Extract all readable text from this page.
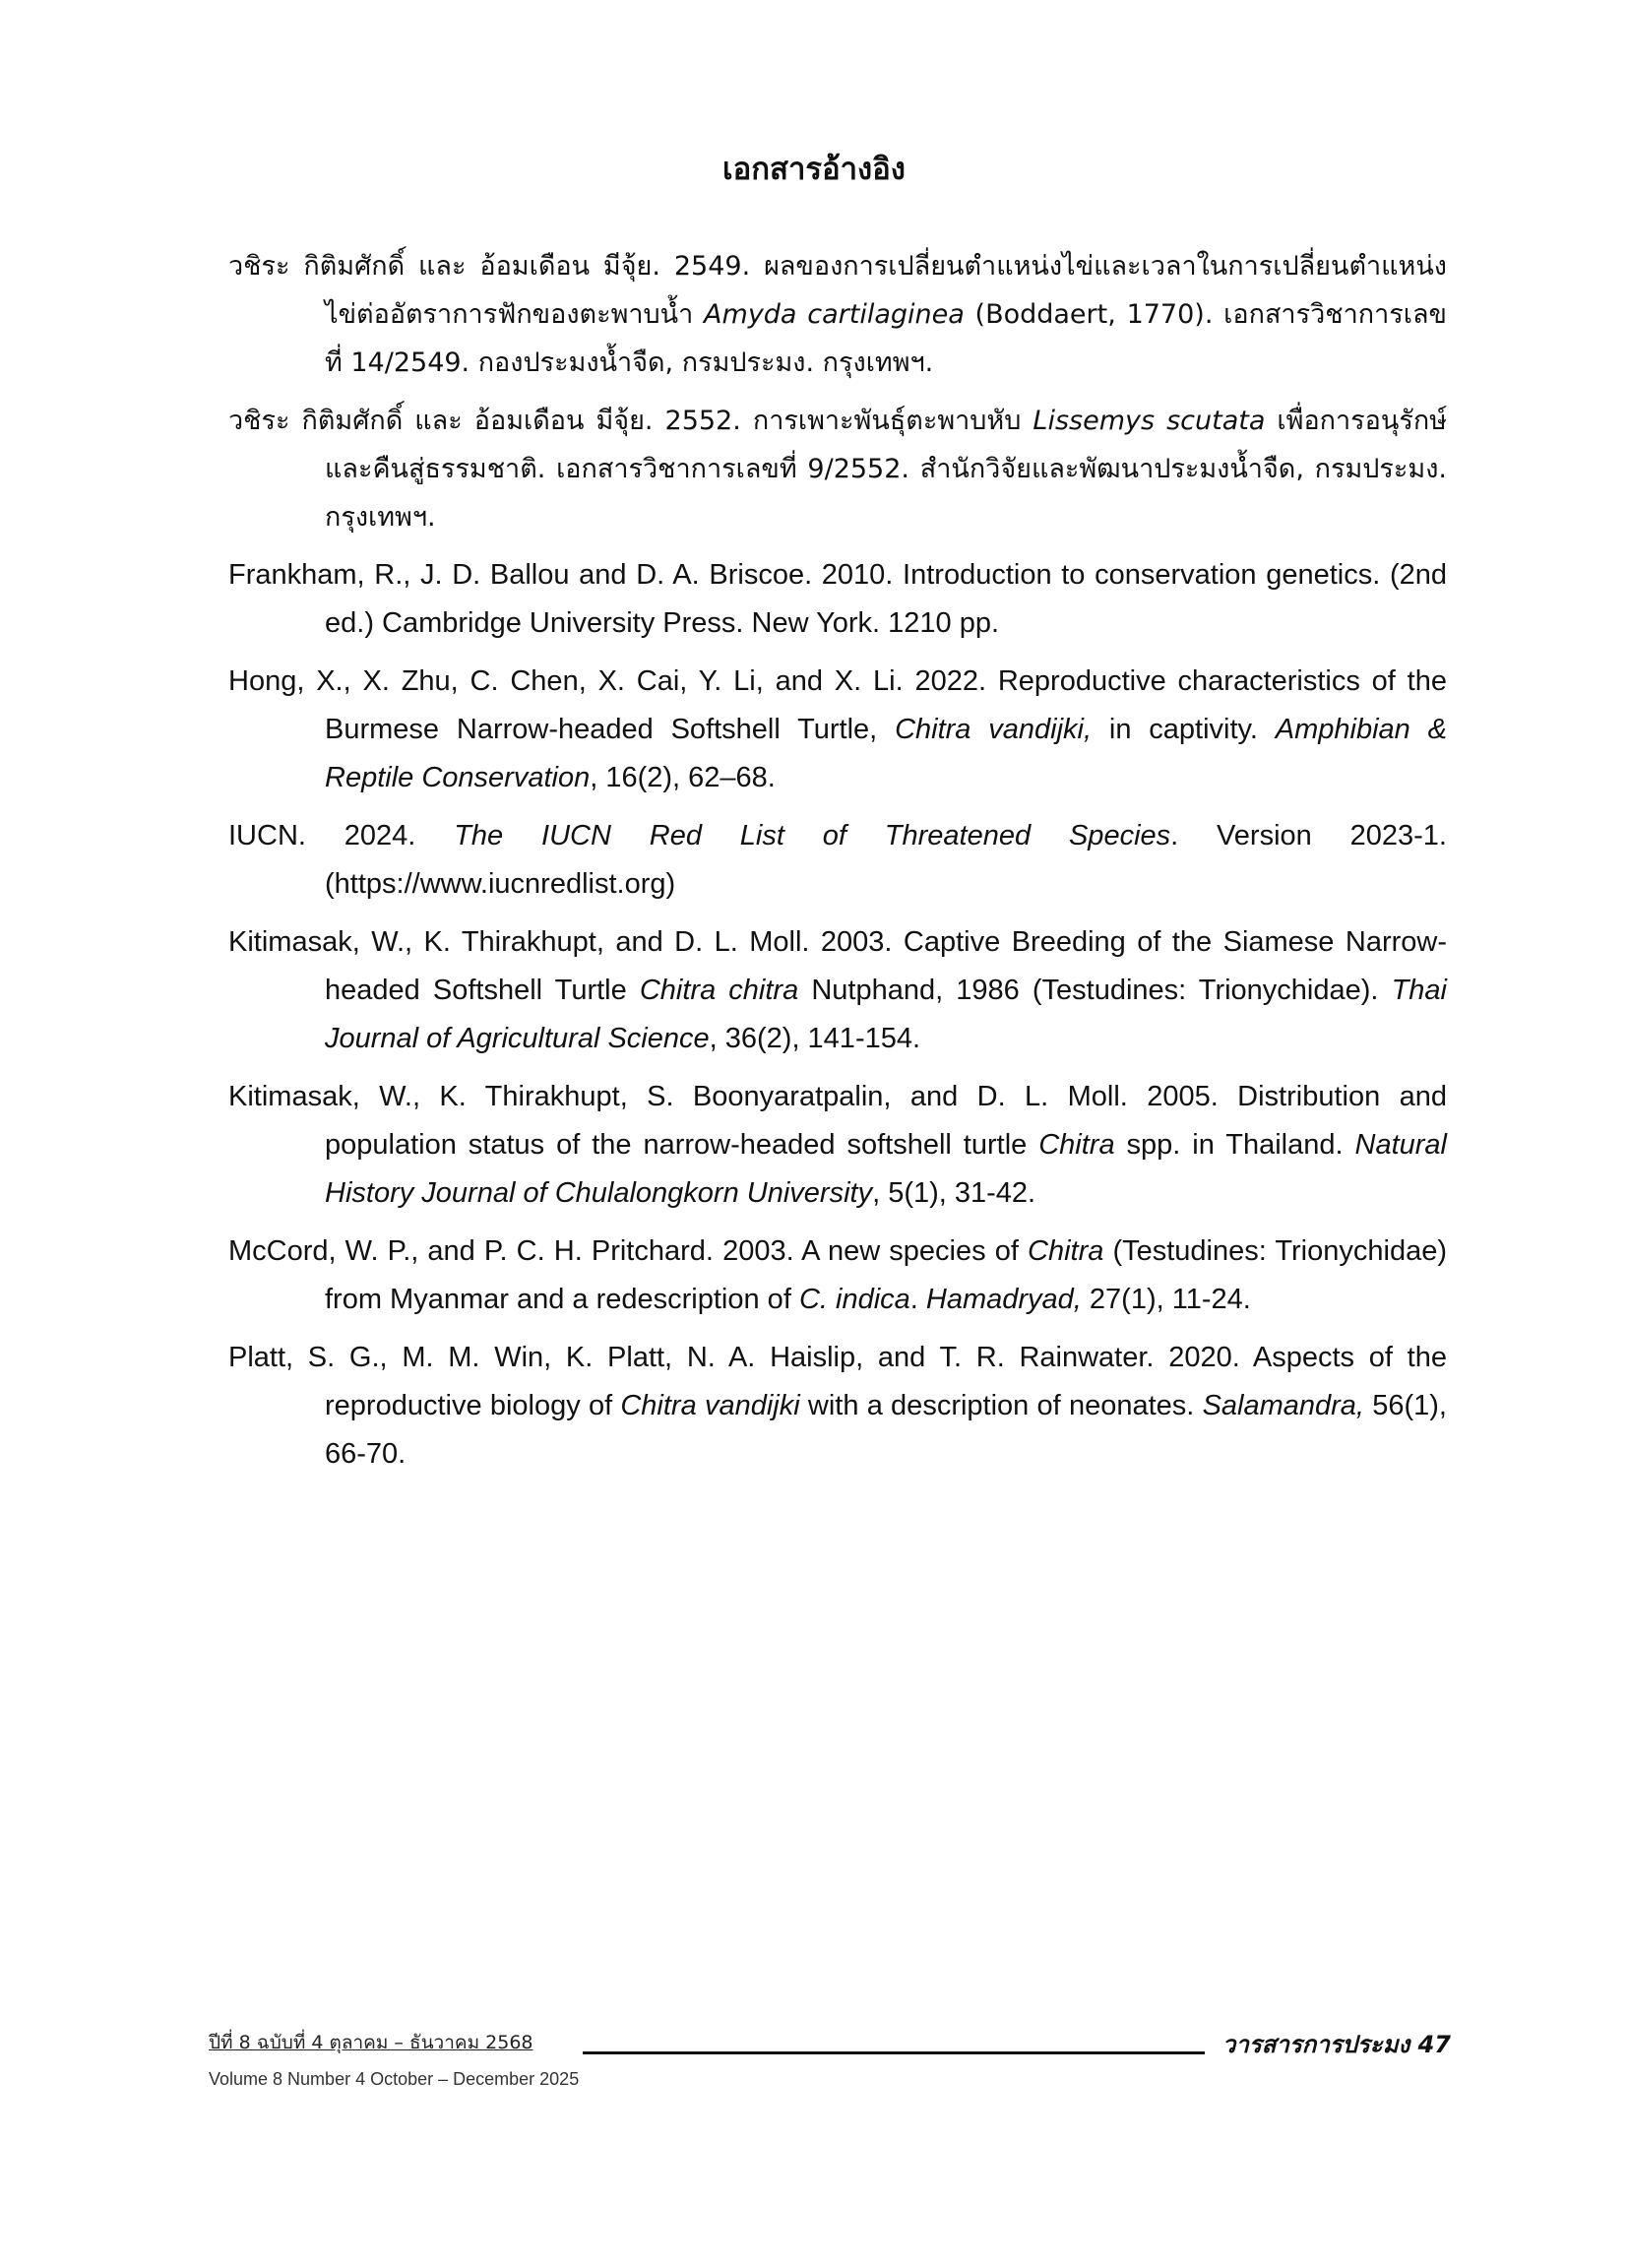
เอกสารอ้างอิง
วชิระ กิติมศักดิ์ และ อ้อมเดือน มีจุ้ย. 2549. ผลของการเปลี่ยนตำแหน่งไข่และเวลาในการเปลี่ยนตำแหน่งไข่ต่ออัตราการฟักของตะพาบน้ำ Amyda cartilaginea (Boddaert, 1770). เอกสารวิชาการเลขที่ 14/2549. กองประมงน้ำจืด, กรมประมง. กรุงเทพฯ.
วชิระ กิติมศักดิ์ และ อ้อมเดือน มีจุ้ย. 2552. การเพาะพันธุ์ตะพาบหับ Lissemys scutata เพื่อการอนุรักษ์และคืนสู่ธรรมชาติ. เอกสารวิชาการเลขที่ 9/2552. สำนักวิจัยและพัฒนาประมงน้ำจืด, กรมประมง. กรุงเทพฯ.
Frankham, R., J. D. Ballou and D. A. Briscoe. 2010. Introduction to conservation genetics. (2nd ed.) Cambridge University Press. New York. 1210 pp.
Hong, X., X. Zhu, C. Chen, X. Cai, Y. Li, and X. Li. 2022. Reproductive characteristics of the Burmese Narrow-headed Softshell Turtle, Chitra vandijki, in captivity. Amphibian & Reptile Conservation, 16(2), 62–68.
IUCN. 2024. The IUCN Red List of Threatened Species. Version 2023-1. (https://www.iucnredlist.org)
Kitimasak, W., K. Thirakhupt, and D. L. Moll. 2003. Captive Breeding of the Siamese Narrow-headed Softshell Turtle Chitra chitra Nutphand, 1986 (Testudines: Trionychidae). Thai Journal of Agricultural Science, 36(2), 141-154.
Kitimasak, W., K. Thirakhupt, S. Boonyaratpalin, and D. L. Moll. 2005. Distribution and population status of the narrow-headed softshell turtle Chitra spp. in Thailand. Natural History Journal of Chulalongkorn University, 5(1), 31-42.
McCord, W. P., and P. C. H. Pritchard. 2003. A new species of Chitra (Testudines: Trionychidae) from Myanmar and a redescription of C. indica. Hamadryad, 27(1), 11-24.
Platt, S. G., M. M. Win, K. Platt, N. A. Haislip, and T. R. Rainwater. 2020. Aspects of the reproductive biology of Chitra vandijki with a description of neonates. Salamandra, 56(1), 66-70.
ปีที่ 8 ฉบับที่ 4 ตุลาคม – ธันวาคม 2568	วารสารการประมง 47
Volume 8 Number 4 October – December 2025
